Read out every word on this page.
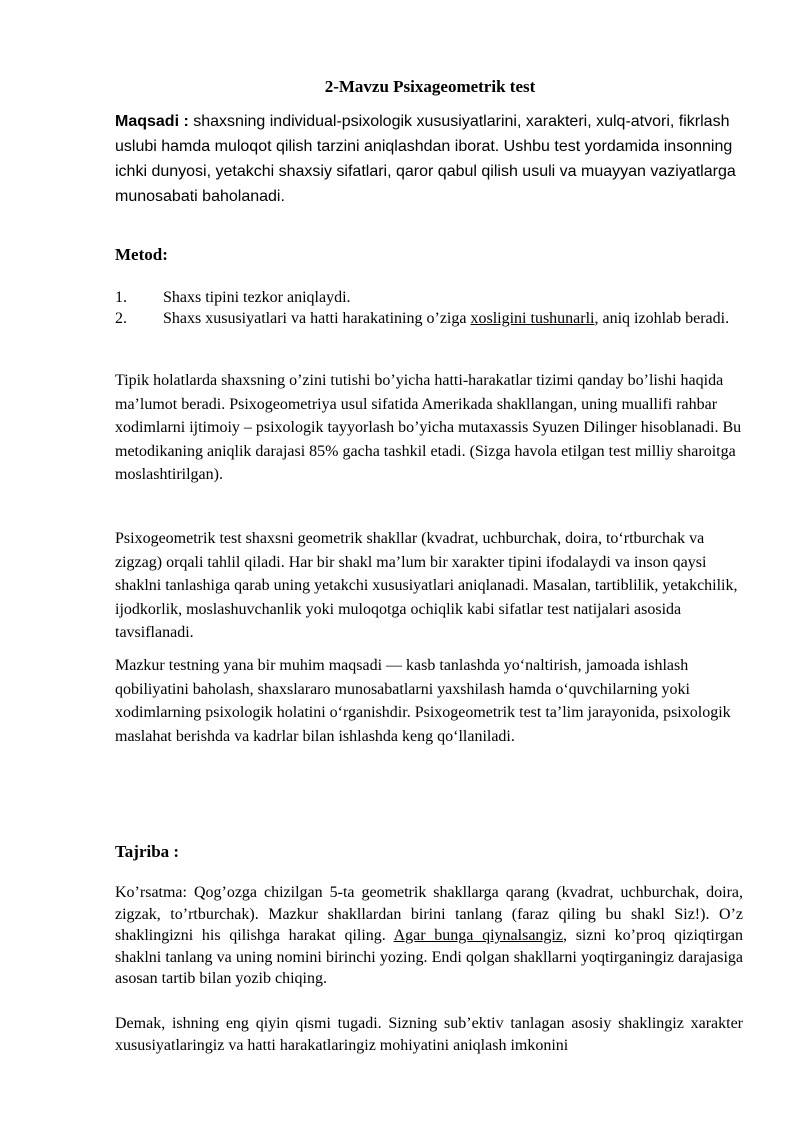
2-Mavzu Psixageometrik test
Maqsadi : shaxsning individual-psixologik xususiyatlarini, xarakteri, xulq-atvori, fikrlash uslubi hamda muloqot qilish tarzini aniqlashdan iborat. Ushbu test yordamida insonning ichki dunyosi, yetakchi shaxsiy sifatlari, qaror qabul qilish usuli va muayyan vaziyatlarga munosabati baholanadi.
Metod:
1. Shaxs tipini tezkor aniqlaydi.
2. Shaxs xususiyatlari va hatti harakatining o’ziga xosligini tushunarli, aniq izohlab beradi.
Tipik holatlarda shaxsning o’zini tutishi bo’yicha hatti-harakatlar tizimi qanday bo’lishi haqida ma’lumot beradi. Psixogeometriya usul sifatida Amerikada shakllangan, uning muallifi rahbar xodimlarni ijtimoiy – psixologik tayyorlash bo’yicha mutaxassis Syuzen Dilinger hisoblanadi. Bu metodikaning aniqlik darajasi 85% gacha tashkil etadi. (Sizga havola etilgan test milliy sharoitga moslashtirilgan).
Psixogeometrik test shaxsni geometrik shakllar (kvadrat, uchburchak, doira, to‘rtburchak va zigzag) orqali tahlil qiladi. Har bir shakl ma’lum bir xarakter tipini ifodalaydi va inson qaysi shaklni tanlashiga qarab uning yetakchi xususiyatlari aniqlanadi. Masalan, tartiblilik, yetakchilik, ijodkorlik, moslashuvchanlik yoki muloqotga ochiqlik kabi sifatlar test natijalari asosida tavsiflanadi.
Mazkur testning yana bir muhim maqsadi — kasb tanlashda yo‘naltirish, jamoada ishlash qobiliyatini baholash, shaxslararo munosabatlarni yaxshilash hamda o‘quvchilarning yoki xodimlarning psixologik holatini o‘rganishdir. Psixogeometrik test ta’lim jarayonida, psixologik maslahat berishda va kadrlar bilan ishlashda keng qo‘llaniladi.
Tajriba :
Ko’rsatma: Qog’ozga chizilgan 5-ta geometrik shakllarga qarang (kvadrat, uchburchak, doira, zigzak, to’rtburchak). Mazkur shakllardan birini tanlang (faraz qiling bu shakl Siz!). O’z shaklingizni his qilishga harakat qiling. Agar bunga qiynalsangiz, sizni ko’proq qiziqtirgan shaklni tanlang va uning nomini birinchi yozing. Endi qolgan shakllarni yoqtirganingiz darajasiga asosan tartib bilan yozib chiqing.
Demak, ishning eng qiyin qismi tugadi. Sizning sub’ektiv tanlagan asosiy shaklingiz xarakter xususiyatlaringiz va hatti harakatlaringiz mohiyatini aniqlash imkonini
